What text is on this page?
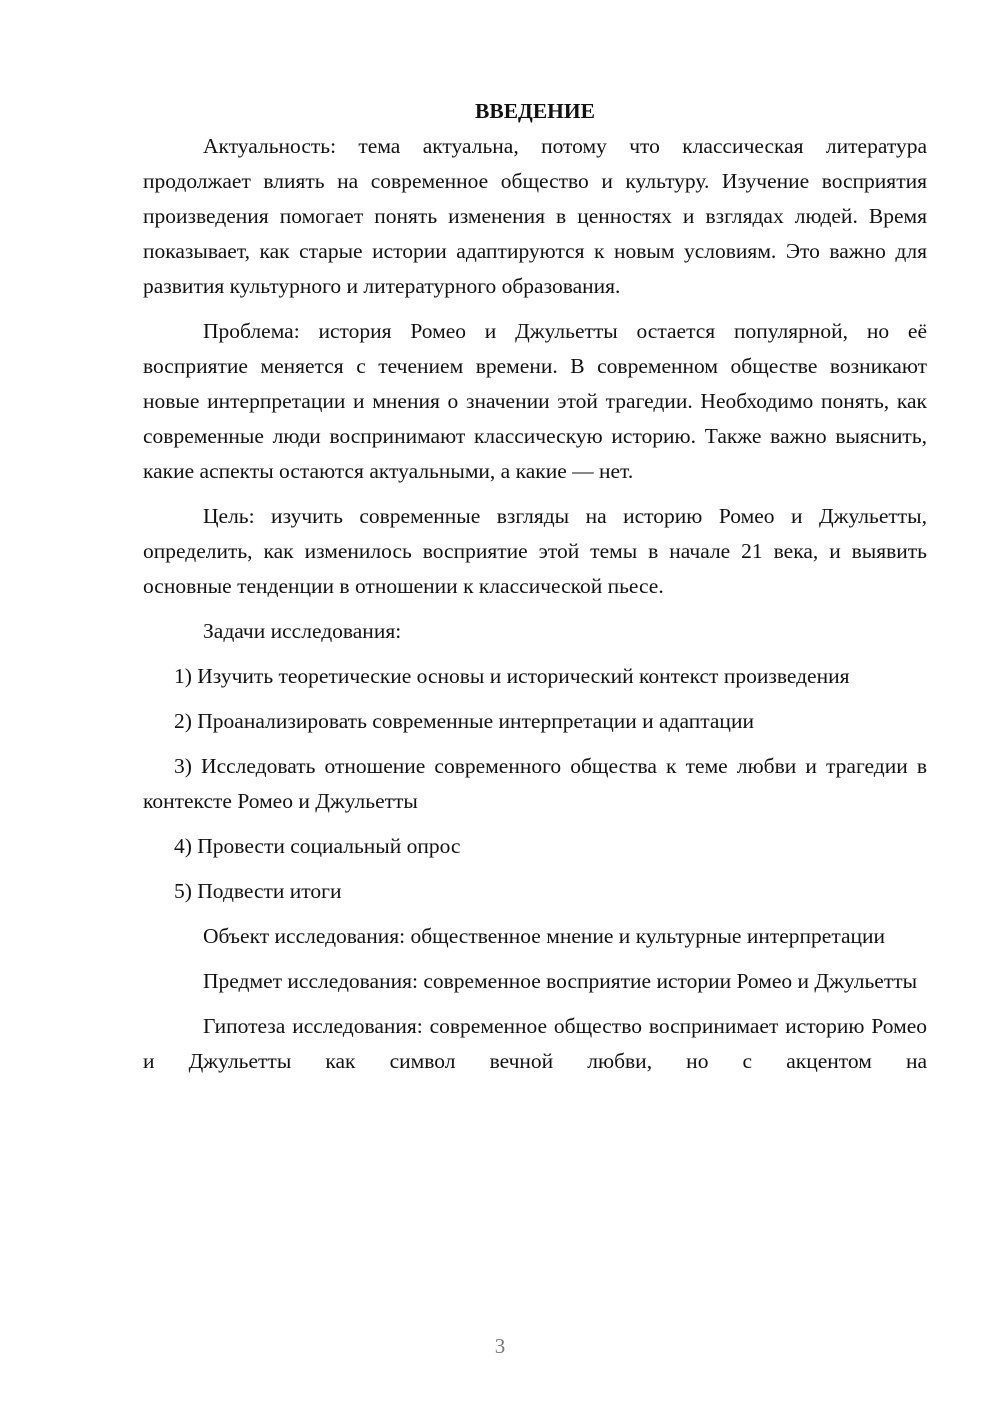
ВВЕДЕНИЕ

Актуальность: тема актуальна, потому что классическая литература продолжает влиять на современное общество и культуру. Изучение восприятия произведения помогает понять изменения в ценностях и взглядах людей. Время показывает, как старые истории адаптируются к новым условиям. Это важно для развития культурного и литературного образования.

Проблема: история Ромео и Джульетты остается популярной, но её восприятие меняется с течением времени. В современном обществе возникают новые интерпретации и мнения о значении этой трагедии. Необходимо понять, как современные люди воспринимают классическую историю. Также важно выяснить, какие аспекты остаются актуальными, а какие — нет.

Цель: изучить современные взгляды на историю Ромео и Джульетты, определить, как изменилось восприятие этой темы в начале 21 века, и выявить основные тенденции в отношении к классической пьесе.

Задачи исследования:

1) Изучить теоретические основы и исторический контекст произведения

2) Проанализировать современные интерпретации и адаптации

3) Исследовать отношение современного общества к теме любви и трагедии в контексте Ромео и Джульетты

4) Провести социальный опрос

5) Подвести итоги

Объект исследования: общественное мнение и культурные интерпретации

Предмет исследования: современное восприятие истории Ромео и Джульетты

Гипотеза исследования: современное общество воспринимает историю Ромео и Джульетты как символ вечной любви, но с акцентом на

3
